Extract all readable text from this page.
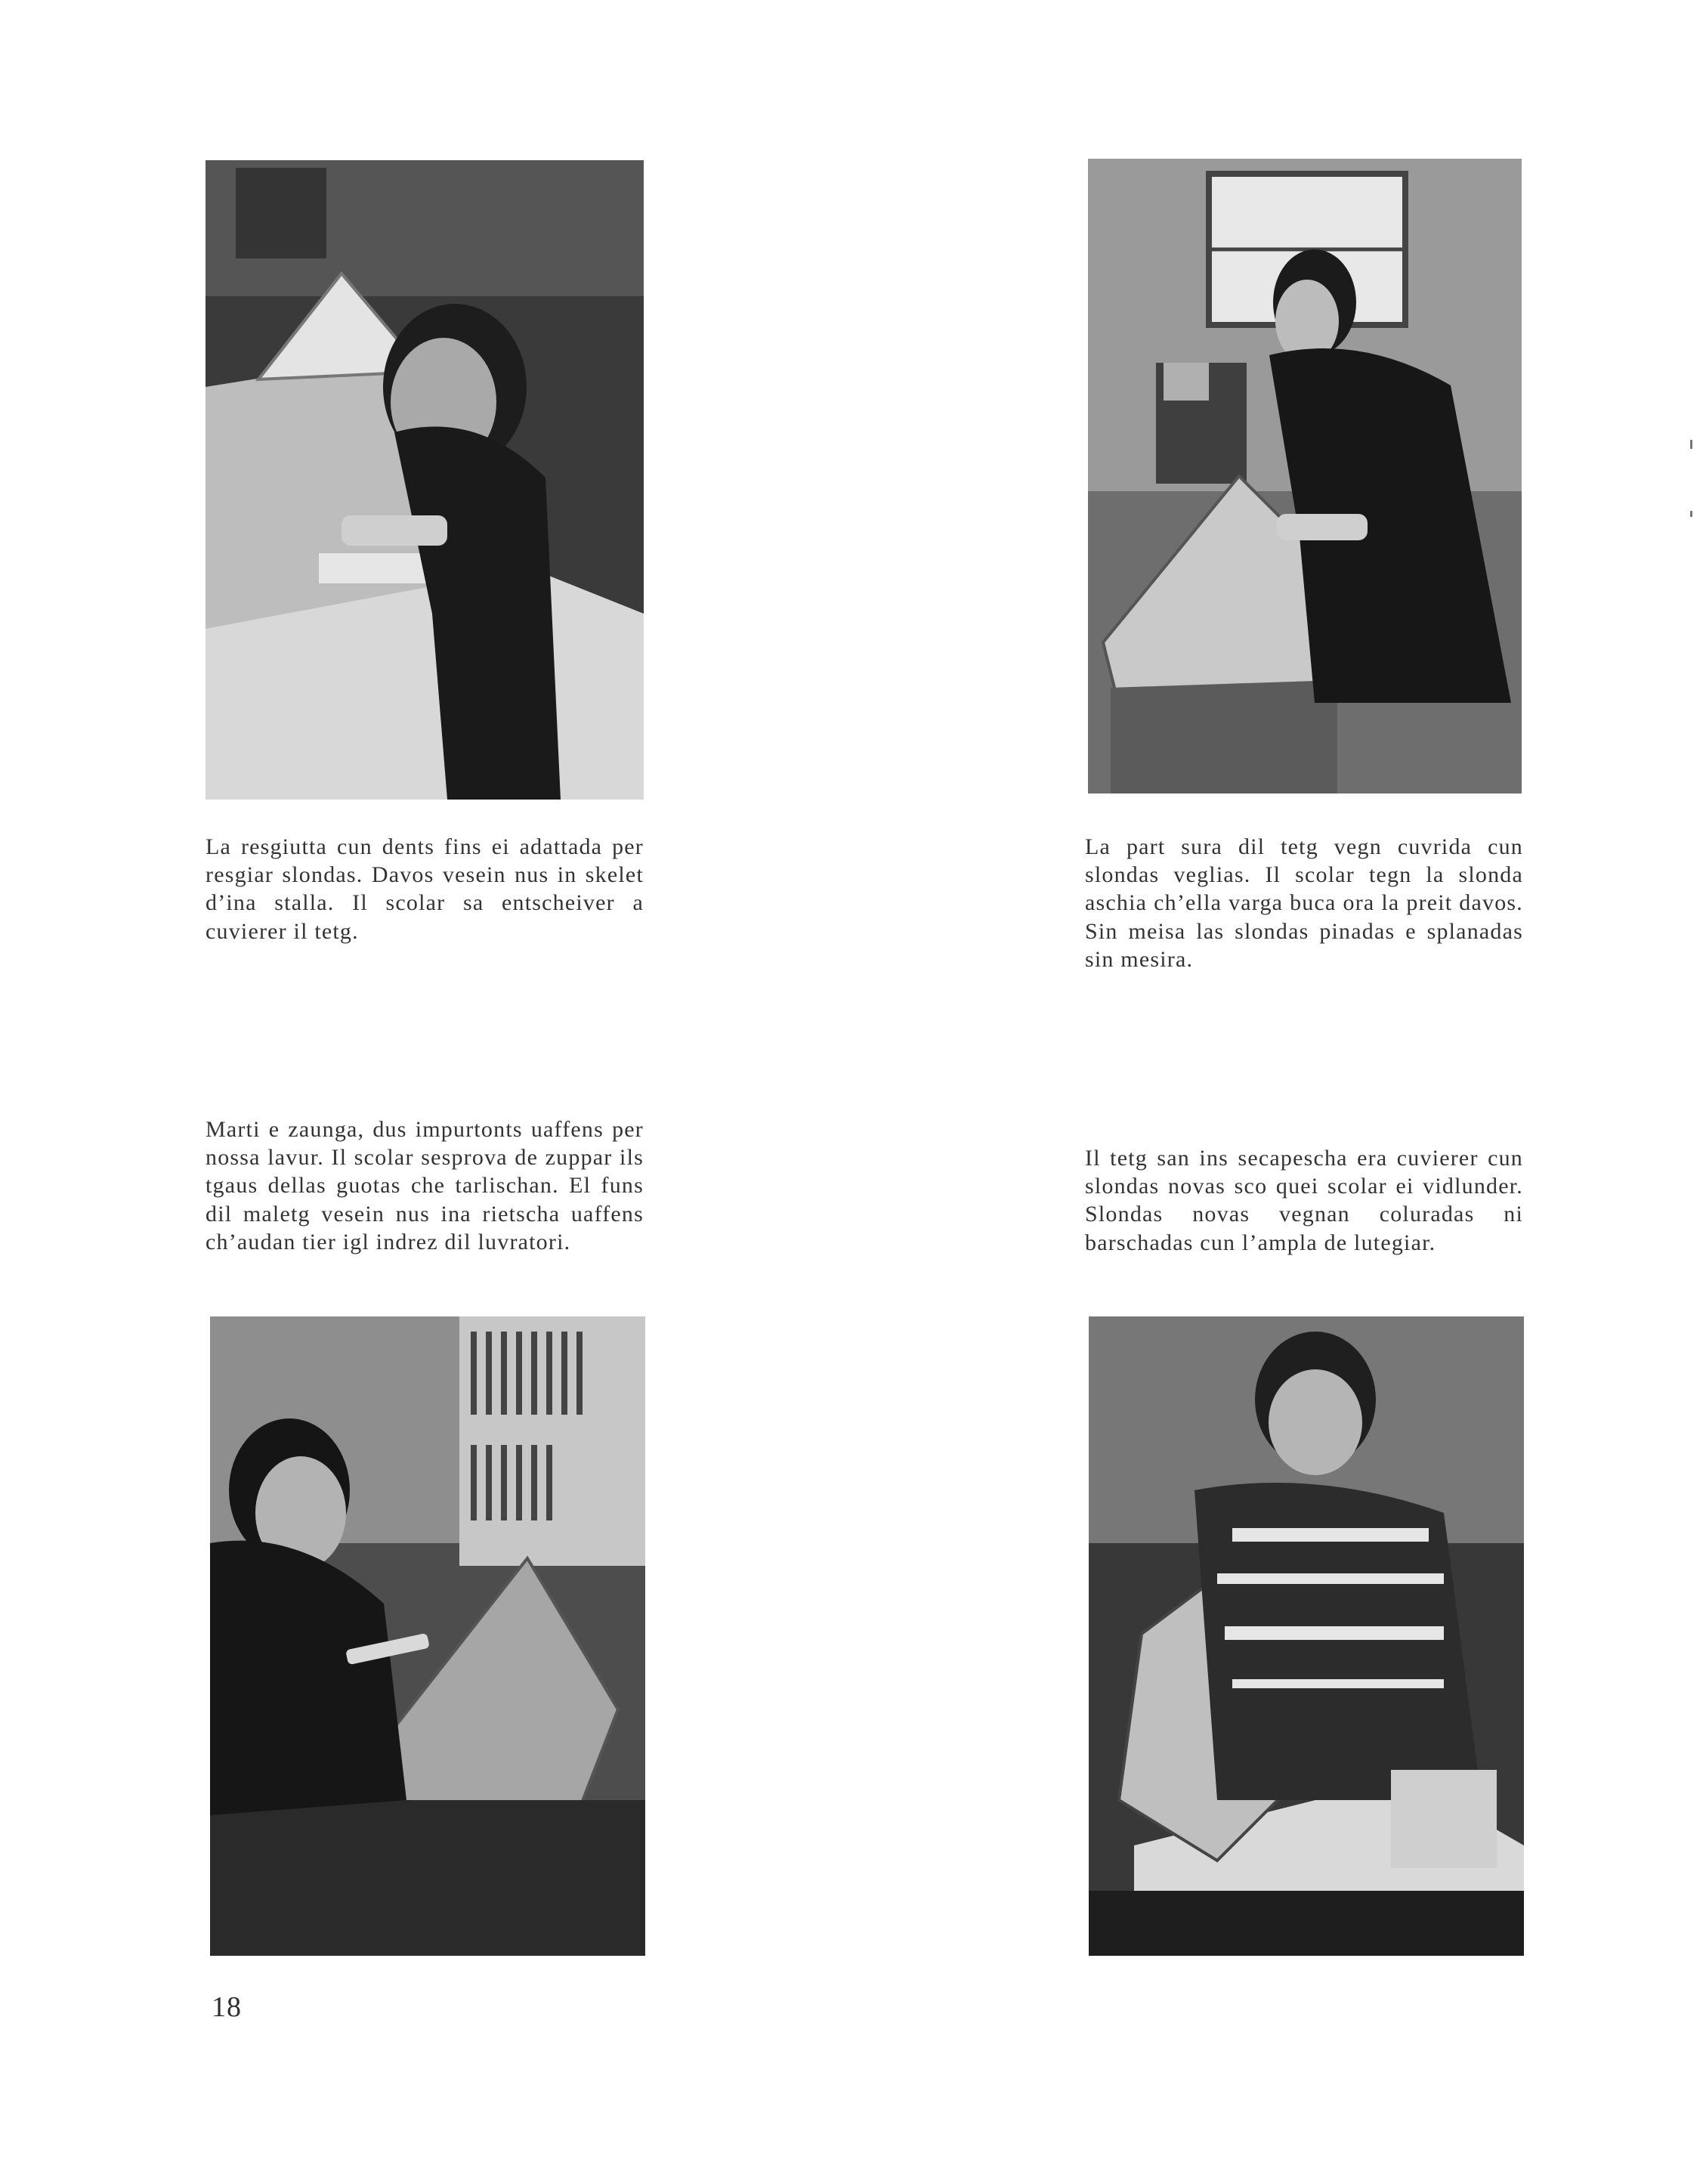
La resgiutta cun dents fins ei adattada per resgiar slondas. Davos vesein nus in skelet d’ina stalla. Il scolar sa entscheiver a cuvierer il tetg.

La part sura dil tetg vegn cuvrida cun slondas veglias. Il scolar tegn la slonda aschia ch’ella varga buca ora la preit davos. Sin meisa las slondas pinadas e splanadas sin mesira.

Marti e zaunga, dus impurtonts uaffens per nossa lavur. Il scolar sesprova de zuppar ils tgaus dellas guotas che tarlischan. El funs dil maletg vesein nus ina rietscha uaffens ch’audan tier igl indrez dil luvratori.

Il tetg san ins secapescha era cuvierer cun slondas novas sco quei scolar ei vidlunder. Slondas novas vegnan coluradas ni barschadas cun l’ampla de lutegiar.

18
